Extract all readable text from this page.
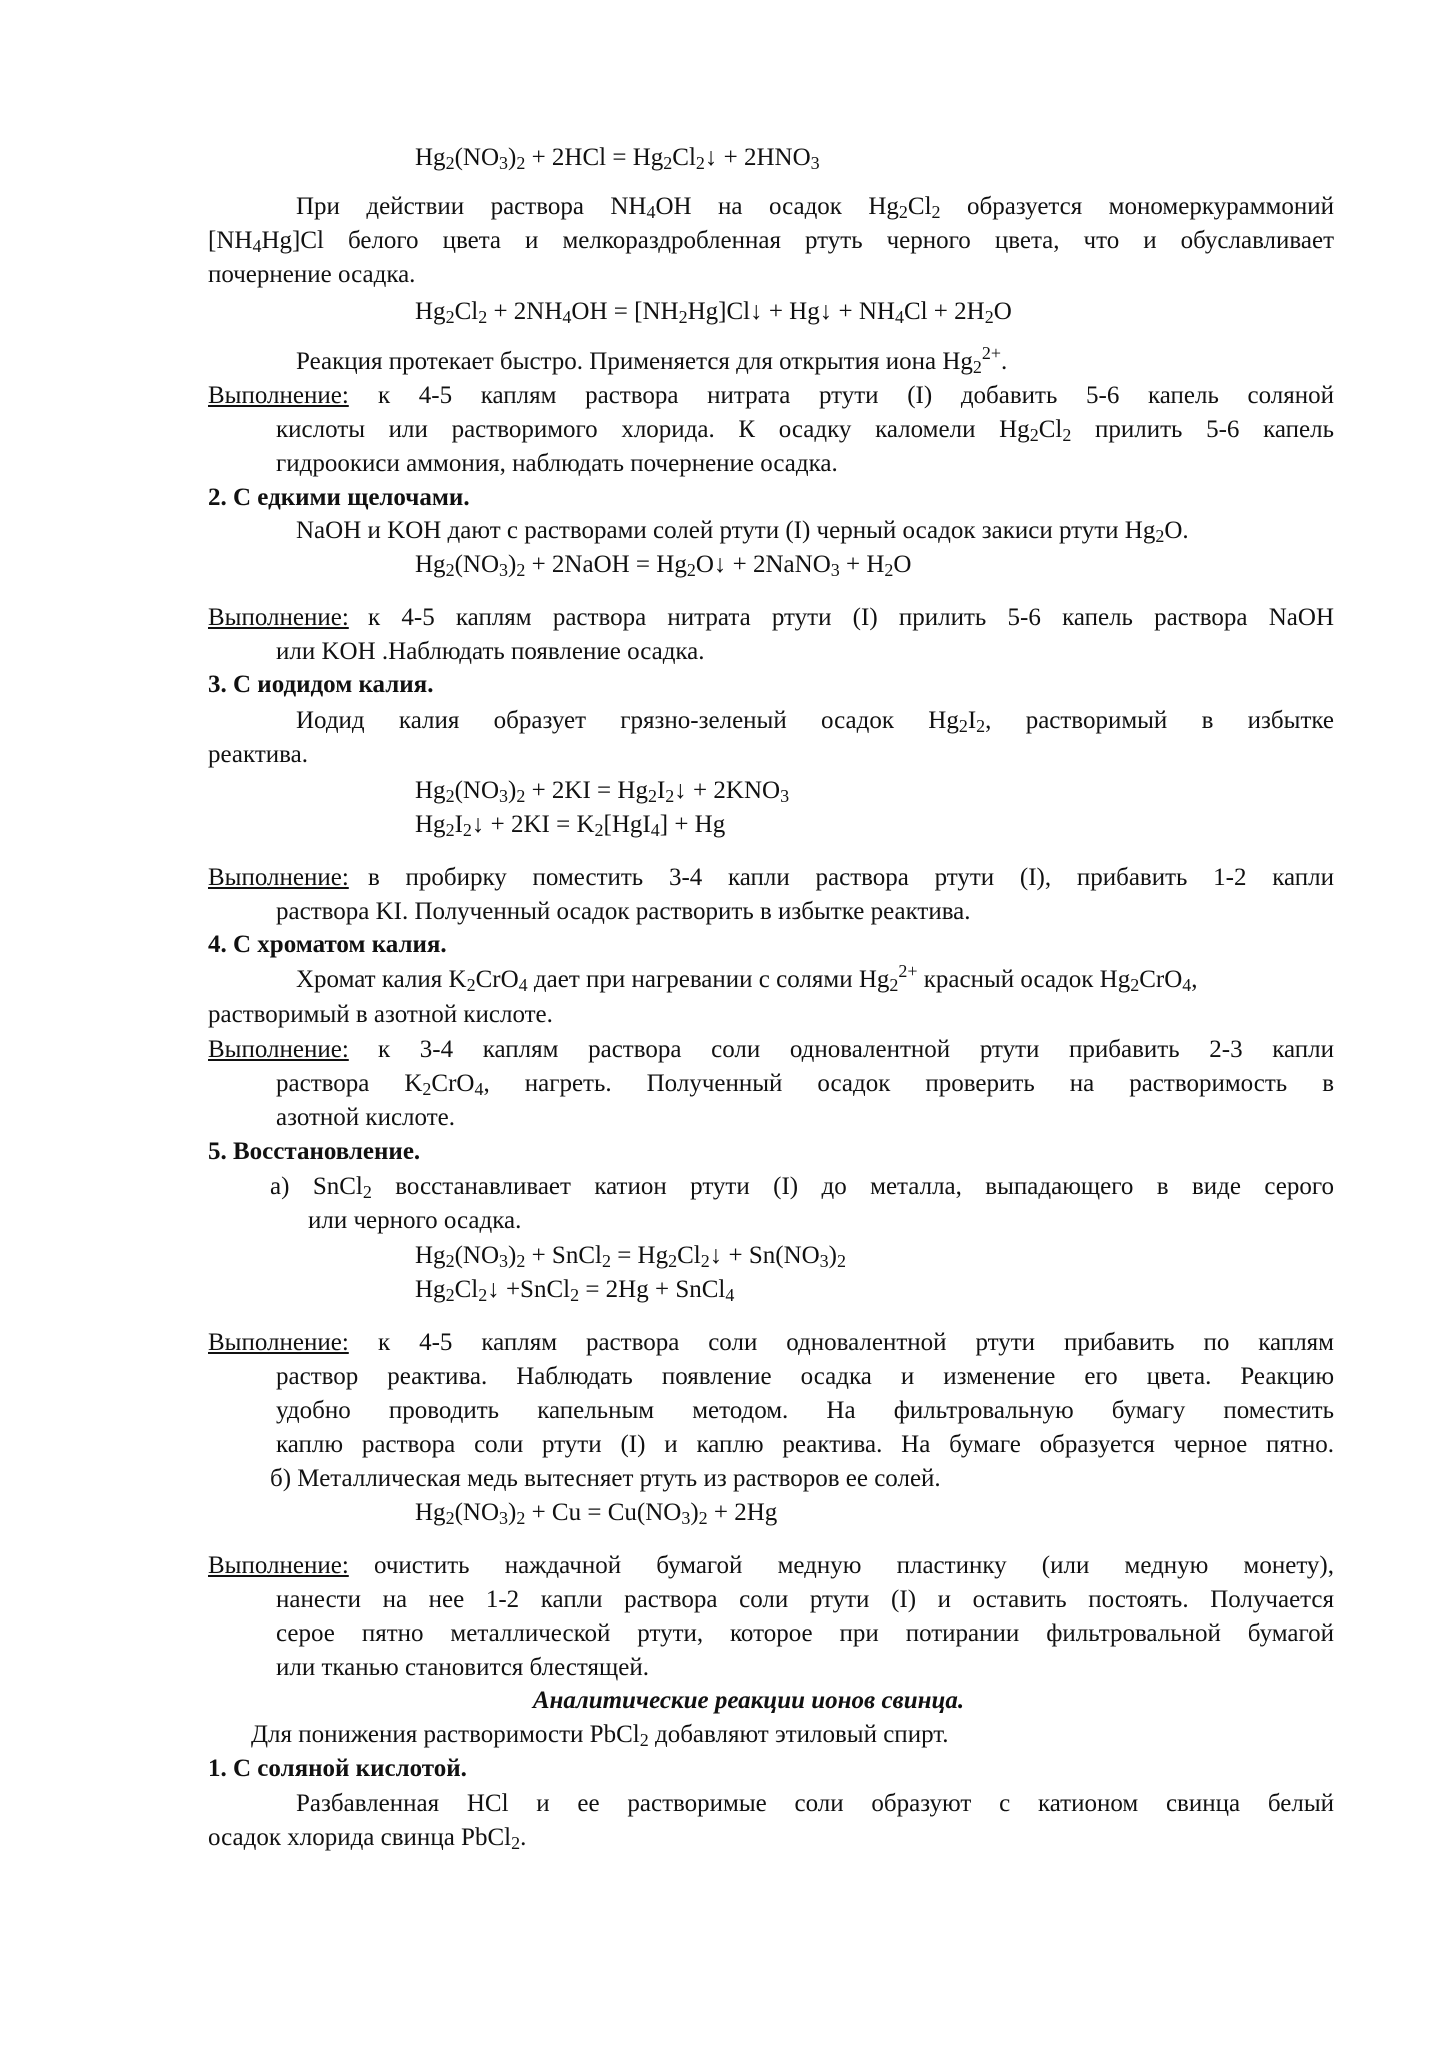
$Hg_2(NO_3)_2 + 2HCl$ = $Hg_2Cl_2↓ + 2HNO_3$
При действии раствора $NH_4OH$ на осадок $Hg_2Cl_2$ образуется мономеркураммоний
$[NH_4Hg]Cl$ белого цвета и мелкораздробленная ртуть черного цвета, что и обуславливает
почернение осадка.
$Hg_2Cl_2 + 2NH_4OH$ = $[NH_2Hg]Cl↓$ + Hg↓ + $NH_4Cl + 2H_2O$
Реакция протекает быстро. Применяется для открытия иона $Hg_2^{2+}$.
Выполнение: к 4-5 каплям раствора нитрата ртути (I) добавить 5-6 капель соляной
кислоты или растворимого хлорида. К осадку каломели $Hg_2Cl_2$ прилить 5-6 капель
гидроокиси аммония, наблюдать почернение осадка.
2. С едкими щелочами.
NaOH и KOH дают с растворами солей ртути (I) черный осадок закиси ртути $Hg_2O$.
$Hg_2(NO_3)_2$ + 2NaOH = $Hg_2O↓$ + 2NaNO$_3$ + $H_2O$
Выполнение: к 4-5 каплям раствора нитрата ртути (I) прилить 5-6 капель раствора NaOH
или KOH .Наблюдать появление осадка.
3. С иодидом калия.
Иодид калия образует грязно-зеленый осадок $Hg_2I_2$, растворимый в избытке
реактива.
$Hg_2(NO_3)_2 + 2KI$ = $Hg_2I_2↓ + 2KNO_3$
$Hg_2I_2↓ + 2KI = K_2[HgI_4] + Hg$
Выполнение: в пробирку поместить 3-4 капли раствора ртути (I), прибавить 1-2 капли
раствора KI. Полученный осадок растворить в избытке реактива.
4. С хроматом калия.
Хромат калия $K_2CrO_4$ дает при нагревании с солями $Hg_2^{2+}$ красный осадок $Hg_2CrO_4$,
растворимый в азотной кислоте.
Выполнение: к 3-4 каплям раствора соли одновалентной ртути прибавить 2-3 капли
раствора $K_2CrO_4$, нагреть. Полученный осадок проверить на растворимость в
азотной кислоте.
5. Восстановление.
а) SnCl$_2$ восстанавливает катион ртути (I) до металла, выпадающего в виде серого
или черного осадка.
$Hg_2(NO_3)_2$ + SnCl$_2$ = $Hg_2Cl_2↓ + Sn(NO_3)_2$
$Hg_2Cl_2↓$ +SnCl$_2$ = 2Hg + SnCl$_4$
Выполнение: к 4-5 каплям раствора соли одновалентной ртути прибавить по каплям
раствор реактива. Наблюдать появление осадка и изменение его цвета. Реакцию
удобно проводить капельным методом. На фильтровальную бумагу поместить
каплю раствора соли ртути (I) и каплю реактива. На бумаге образуется черное пятно.
б) Металлическая медь вытесняет ртуть из растворов ее солей.
$Hg_2(NO_3)_2 + Cu = Cu(NO_3)_2 + 2Hg$
Выполнение: очистить наждачной бумагой медную пластинку (или медную монету),
нанести на нее 1-2 капли раствора соли ртути (I) и оставить постоять. Получается
серое пятно металлической ртути, которое при потирании фильтровальной бумагой
или тканью становится блестящей.
Аналитические реакции ионов свинца.
Для понижения растворимости PbCl$_2$ добавляют этиловый спирт.
1. С соляной кислотой.
Разбавленная HCl и ее растворимые соли образуют с катионом свинца белый
осадок хлорида свинца PbCl$_2$.
